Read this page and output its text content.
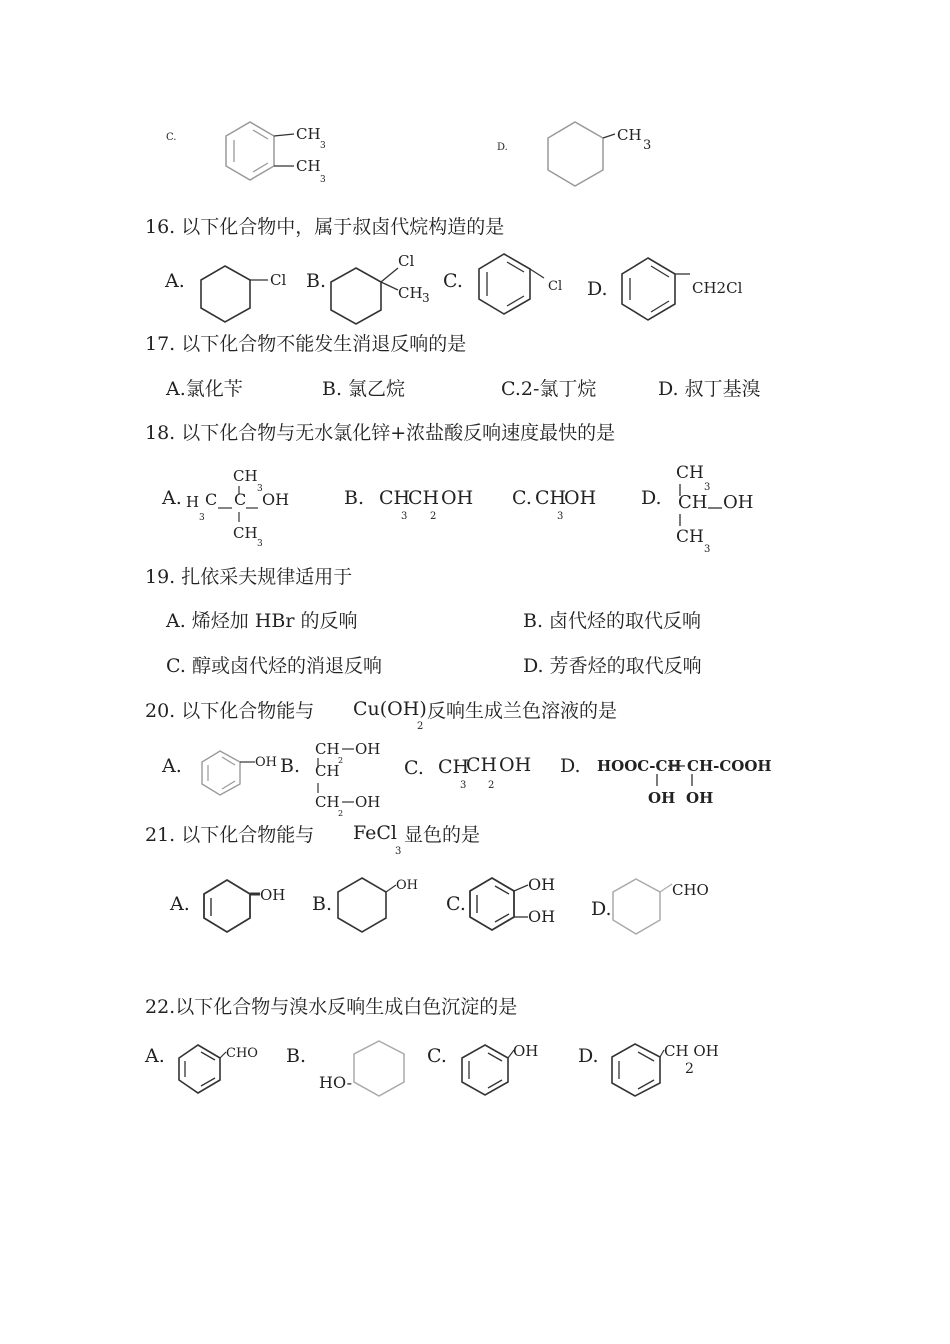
C.	CH
3
CH
3
D.
CH
3
16. 以下化合物中，属于叔卤代烷构造的是
A.	Cl B.
Cl
CH 3
C.	Cl D.	CH2Cl
17. 以下化合物不能发生消退反响的是
A.氯化苄	B. 氯乙烷	C.2-氯丁烷	D. 叔丁基溴
18. 以下化合物与无水氯化锌+浓盐酸反响速度最快的是
A.
CH
3
H
3
C C OH
CH
3
B. CH
3
CH
2
OH C. CH
3
OH D.
CH
3
CH OH
CH
3
19. 扎依采夫规律适用于
A. 烯烃加 HBr 的反响	B. 卤代烃的取代反响
C. 醇或卤代烃的消退反响	D. 芳香烃的取代反响
20. 以下化合物能与 Cu(OH)
2
反响生成兰色溶液的是
A.	OH B.
CH
2
OH
CH
CH
2
OH
C. CH
3
CH
2
OH D. HOOC-CH CH-COOH
OH OH
21. 以下化合物能与 FeCl
3
显色的是
A.	OH B.
OH
C.
OH
OH D.
CHO
22.以下化合物与溴水反响生成白色沉淀的是
A.	CHO B.
HO-
C.	OH D.	CH OH
2
